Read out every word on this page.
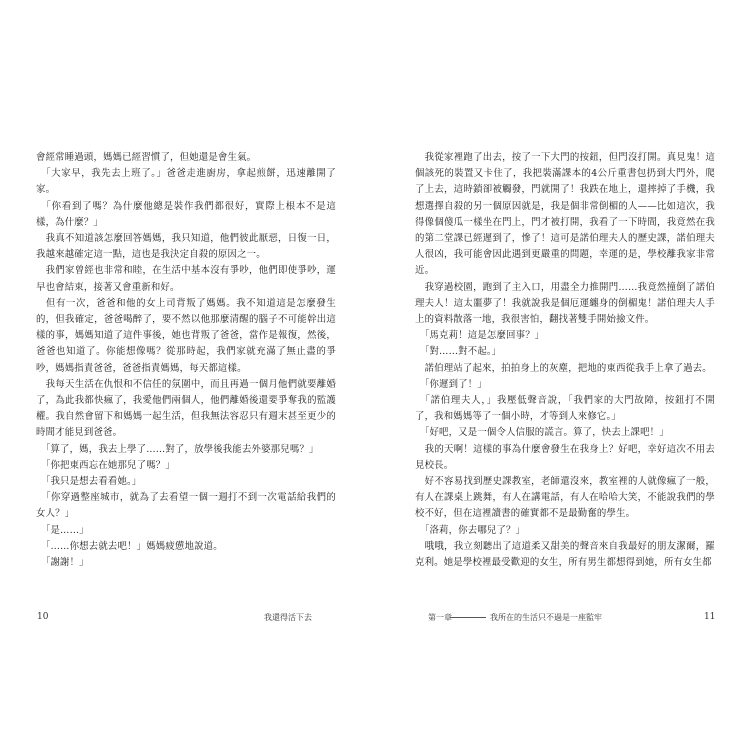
會經常睡過頭，媽媽已經習慣了，但她還是會生氣。

　「大家早，我先去上班了。」爸爸走進廚房，拿起煎餅，迅速離開了家。

　「你看到了嗎？為什麼他總是裝作我們都很好，實際上根本不是這樣，為什麼？」

　我真不知道該怎麼回答媽媽，我只知道，他們彼此厭惡，日復一日，我越來越確定這一點，這也是我決定自殺的原因之一。

　我們家曾經也非常和睦，在生活中基本沒有爭吵，他們即使爭吵，運早也會結束，接著又會重新和好。

　但有一次，爸爸和他的女上司背叛了媽媽。我不知道這是怎麼發生的，但我確定，爸爸喝醉了，要不然以他那麼清醒的腦子不可能幹出這樣的事，媽媽知道了這件事後，她也背叛了爸爸，當作是報復，然後，爸爸也知道了。你能想像嗎？從那時起，我們家就充滿了無止盡的爭吵，媽媽指責爸爸，爸爸指責媽媽，每天都這樣。

　我每天生活在仇恨和不信任的氛圍中，而且再過一個月他們就要離婚了，為此我都快瘋了，我愛他們兩個人，他們離婚後還要爭奪我的監護權。我自然會留下和媽媽一起生活，但我無法容忍只有週末甚至更少的時間才能見到爸爸。

　「算了，媽，我去上學了……對了，放學後我能去外婆那兒嗎？」

　「你把東西忘在她那兒了嗎？」

　「我只是想去看看她。」

　「你穿過整座城市，就為了去看望一個一週打不到一次電話給我們的女人？」

　「是……」

　「……你想去就去吧！」媽媽疲憊地說道。

　「謝謝！」

　我從家裡跑了出去，按了一下大門的按鈕，但門沒打開。真見鬼！這個該死的裝置又卡住了，我把裝滿課本的4公斤重書包扔到大門外，爬了上去，這時鎖卻被觸發，門就開了！我跌在地上，還摔掉了手機，我想選擇自殺的另一個原因就是，我是個非常倒楣的人——比如這次，我得像個傻瓜一樣坐在門上，門才被打開，我看了一下時間，我竟然在我的第二堂課已經遲到了，慘了！這可是諾伯理夫人的歷史課，諾伯理夫人很凶，我可能會因此遇到更嚴重的問題，幸運的是，學校離我家非常近。

　我穿過校園，跑到了主入口，用盡全力推開門……我竟然撞倒了諾伯理夫人！這太噩夢了！我就說我是個厄運纏身的倒楣鬼！諾伯理夫人手上的資料散落一地，我很害怕，翻找著雙手開始撿文件。

　「馬克莉！這是怎麼回事？」

　「對……對不起。」

　諾伯理站了起來，拍拍身上的灰塵，把地的東西從我手上拿了過去。

　「你遲到了！」

　「諾伯理夫人，」我壓低聲音說，「我們家的大門故障，按鈕打不開了，我和媽媽等了一個小時，才等到人來修它。」

　「好吧，又是一個令人信服的謊言。算了，快去上課吧！」

　我的天啊！這樣的事為什麼會發生在我身上？好吧，幸好這次不用去見校長。

　好不容易找到歷史課教室，老師還沒來，教室裡的人就像瘋了一般，有人在課桌上跳舞，有人在講電話，有人在哈哈大笑，不能說我們的學校不好，但在這裡讀書的確實都不是最勤奮的學生。

　「洛莉，你去哪兒了？」

　哦哦，我立刻聽出了這道柔又甜美的聲音來自我最好的朋友潔爾，羅克利。她是學校裡最受歡迎的女生，所有男生都想得到她，所有女生都

10	我還得活下去	第一章	我所在的生活只不過是一座監牢	11
